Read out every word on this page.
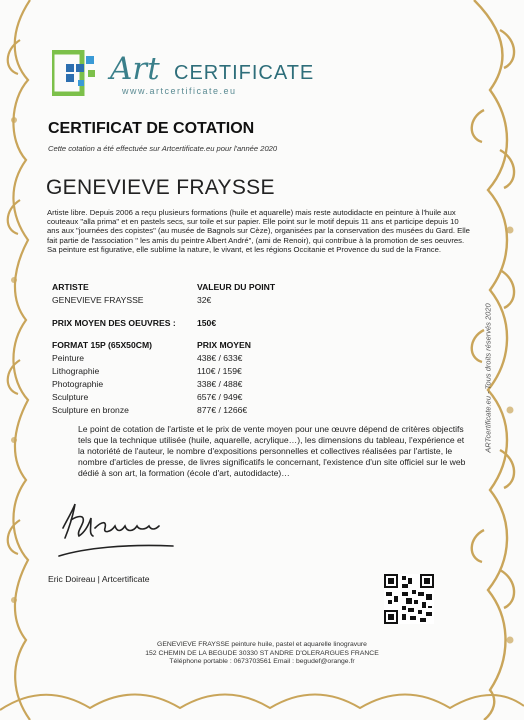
Art CERTIFICATE
www.artcertificate.eu
CERTIFICAT DE COTATION
Cette cotation a été effectuée sur Artcertificate.eu pour l'année 2020
GENEVIEVE FRAYSSE
Artiste libre. Depuis 2006 a reçu plusieurs formations (huile et aquarelle) mais reste autodidacte en peinture à l'huile aux couteaux "alla prima" et en pastels secs, sur toile et sur papier. Elle point sur le motif depuis 11 ans et participe depuis 10 ans aux "journées des copistes" (au musée de Bagnols sur Cèze), organisées par la conservation des musées du Gard. Elle fait partie de l'association " les amis du peintre Albert André", (ami de Renoir), qui contribue à la promotion de ses oeuvres. Sa peinture est figurative, elle sublime la nature, le vivant, et les régions Occitanie et Provence du sud de la France.
ARTISTE	VALEUR DU POINT
GENEVIEVE FRAYSSE	32€
PRIX MOYEN DES OEUVRES : 150€
FORMAT 15P (65X50CM)	PRIX MOYEN
Peinture	438€ / 633€
Lithographie	110€ / 159€
Photographie	338€ / 488€
Sculpture	657€ / 949€
Sculpture en bronze	877€ / 1266€
Le point de cotation de l'artiste et le prix de vente moyen pour une œuvre dépend de critères objectifs tels que la technique utilisée (huile, aquarelle, acrylique…), les dimensions du tableau, l'expérience et la notoriété de l'auteur, le nombre d'expositions personnelles et collectives réalisées par l'artiste, le nombre d'articles de presse, de livres significatifs le concernant, l'existence d'un site officiel sur le web dédié à son art, la formation (école d'art, autodidacte)…
Eric Doireau | Artcertificate
ARTcertificate.eu - Tous droits réservés 2020
GENEVIEVE FRAYSSE peinture huile, pastel et aquarelle linogravure
152 CHEMIN DE LA BEGUDE 30330 ST ANDRE D'OLERARGUES FRANCE
Téléphone portable : 0673703561 Email : begudef@orange.fr
